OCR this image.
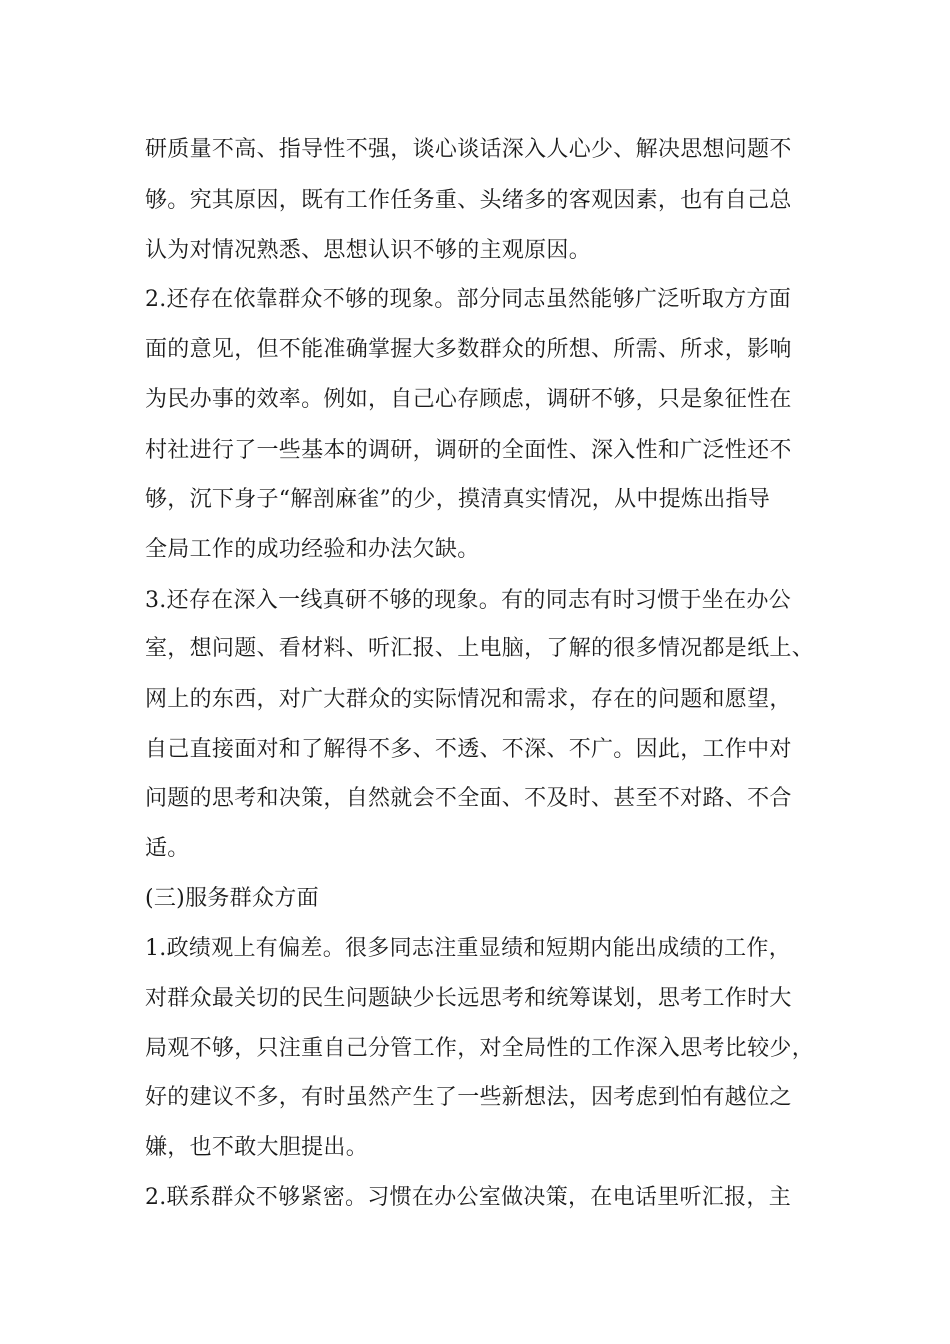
研质量不高、指导性不强，谈心谈话深入人心少、解决思想问题不
够。究其原因，既有工作任务重、头绪多的客观因素，也有自己总
认为对情况熟悉、思想认识不够的主观原因。
2.还存在依靠群众不够的现象。部分同志虽然能够广泛听取方方面
面的意见，但不能准确掌握大多数群众的所想、所需、所求，影响
为民办事的效率。例如，自己心存顾虑，调研不够，只是象征性在
村社进行了一些基本的调研，调研的全面性、深入性和广泛性还不
够，沉下身子“解剖麻雀”的少，摸清真实情况，从中提炼出指导
全局工作的成功经验和办法欠缺。
3.还存在深入一线真研不够的现象。有的同志有时习惯于坐在办公
室，想问题、看材料、听汇报、上电脑，了解的很多情况都是纸上、
网上的东西，对广大群众的实际情况和需求，存在的问题和愿望，
自己直接面对和了解得不多、不透、不深、不广。因此，工作中对
问题的思考和决策，自然就会不全面、不及时、甚至不对路、不合
适。
(三)服务群众方面
1.政绩观上有偏差。很多同志注重显绩和短期内能出成绩的工作，
对群众最关切的民生问题缺少长远思考和统筹谋划，思考工作时大
局观不够，只注重自己分管工作，对全局性的工作深入思考比较少，
好的建议不多，有时虽然产生了一些新想法，因考虑到怕有越位之
嫌，也不敢大胆提出。
2.联系群众不够紧密。习惯在办公室做决策，在电话里听汇报，主
